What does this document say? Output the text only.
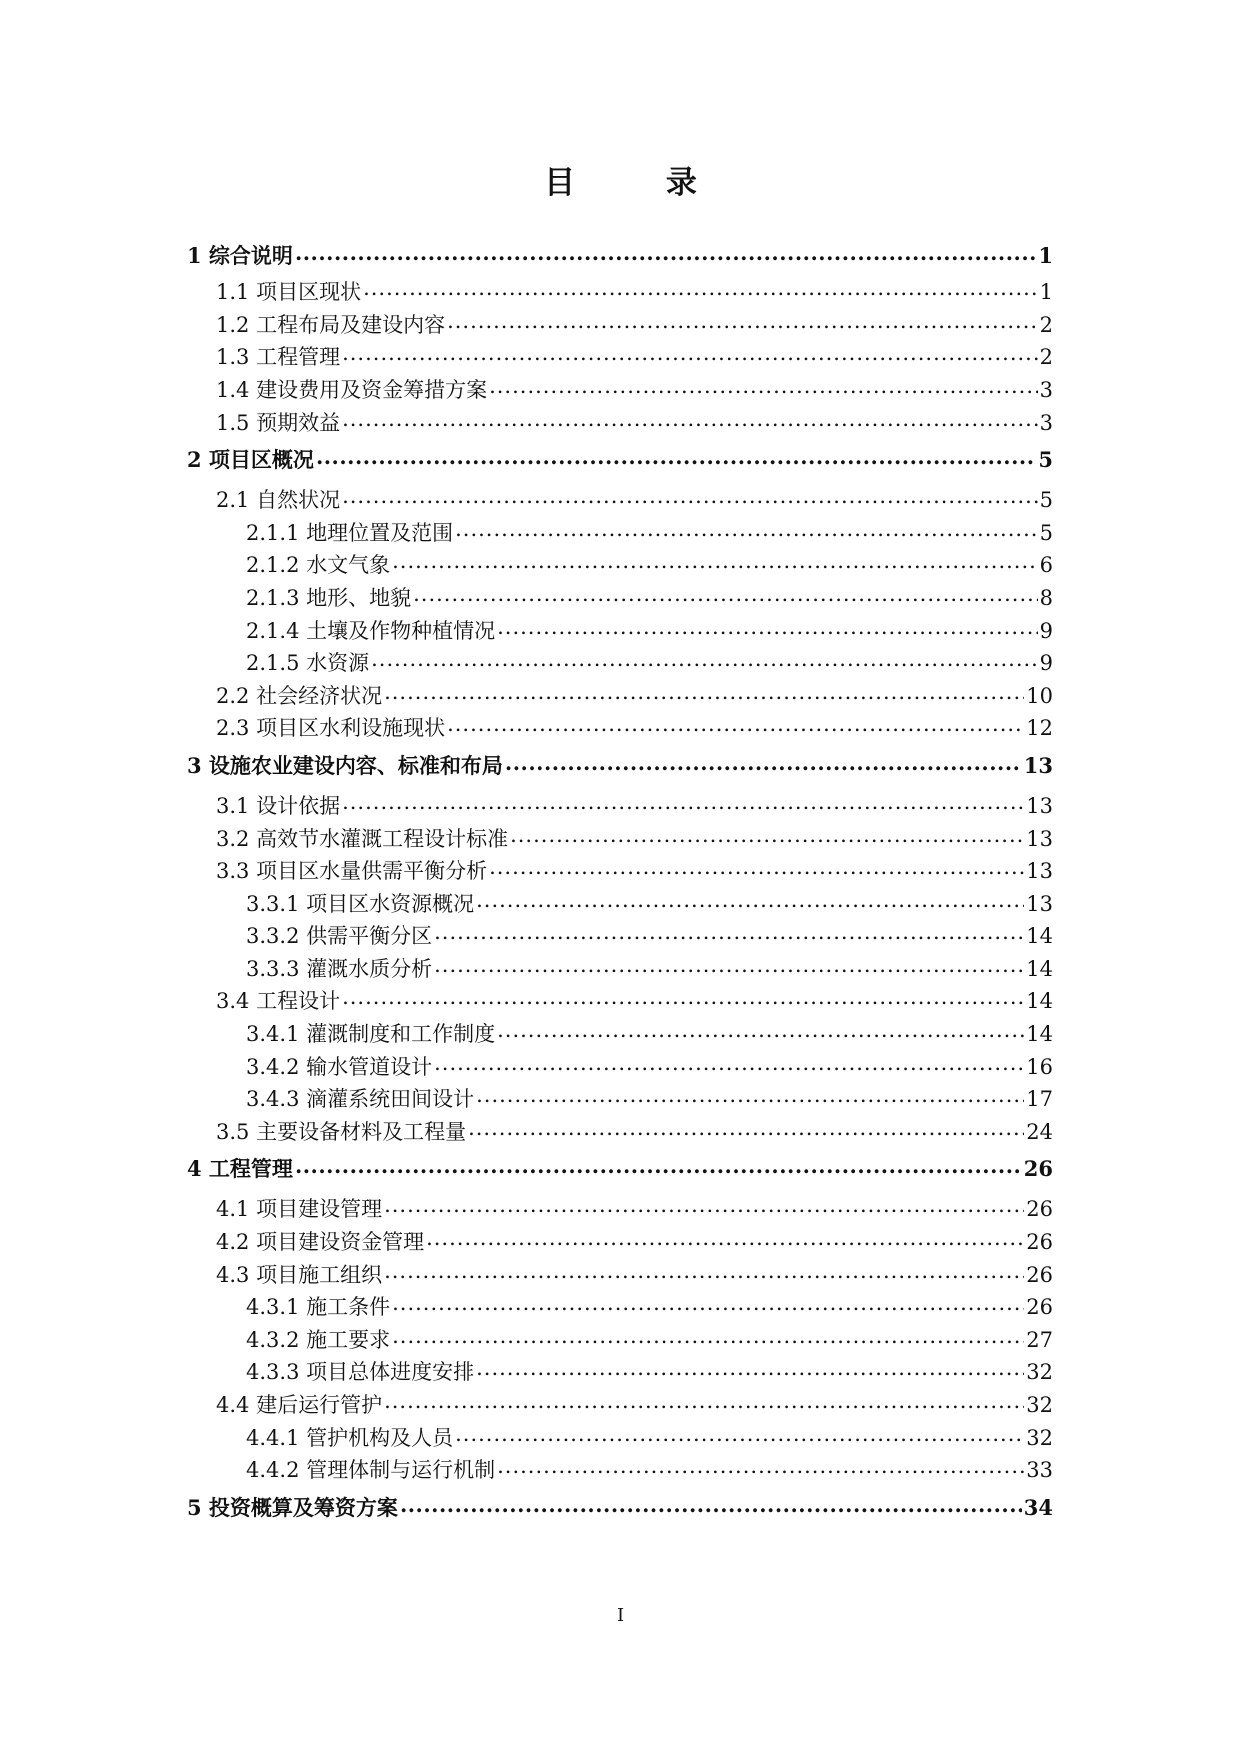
目 录
1 综合说明 .....	1
1.1 项目区现状 .....	1
1.2 工程布局及建设内容 .....	2
1.3 工程管理 .....	2
1.4 建设费用及资金筹措方案 .....	3
1.5 预期效益 .....	3
2 项目区概况 .....	5
2.1 自然状况 .....	5
2.1.1 地理位置及范围 .....	5
2.1.2 水文气象 .....	6
2.1.3 地形、地貌 .....	8
2.1.4 土壤及作物种植情况 .....	9
2.1.5 水资源 .....	9
2.2 社会经济状况 .....	10
2.3 项目区水利设施现状 .....	12
3 设施农业建设内容、标准和布局 .....	13
3.1 设计依据 .....	13
3.2 高效节水灌溉工程设计标准 .....	13
3.3 项目区水量供需平衡分析 .....	13
3.3.1 项目区水资源概况 .....	13
3.3.2 供需平衡分区 .....	14
3.3.3 灌溉水质分析 .....	14
3.4 工程设计 .....	14
3.4.1 灌溉制度和工作制度 .....	14
3.4.2 输水管道设计 .....	16
3.4.3 滴灌系统田间设计 .....	17
3.5 主要设备材料及工程量 .....	24
4 工程管理 .....	26
4.1 项目建设管理 .....	26
4.2 项目建设资金管理 .....	26
4.3 项目施工组织 .....	26
4.3.1 施工条件 .....	26
4.3.2 施工要求 .....	27
4.3.3 项目总体进度安排 .....	32
4.4 建后运行管护 .....	32
4.4.1 管护机构及人员 .....	32
4.4.2 管理体制与运行机制 .....	33
5 投资概算及筹资方案 .....	34
I
